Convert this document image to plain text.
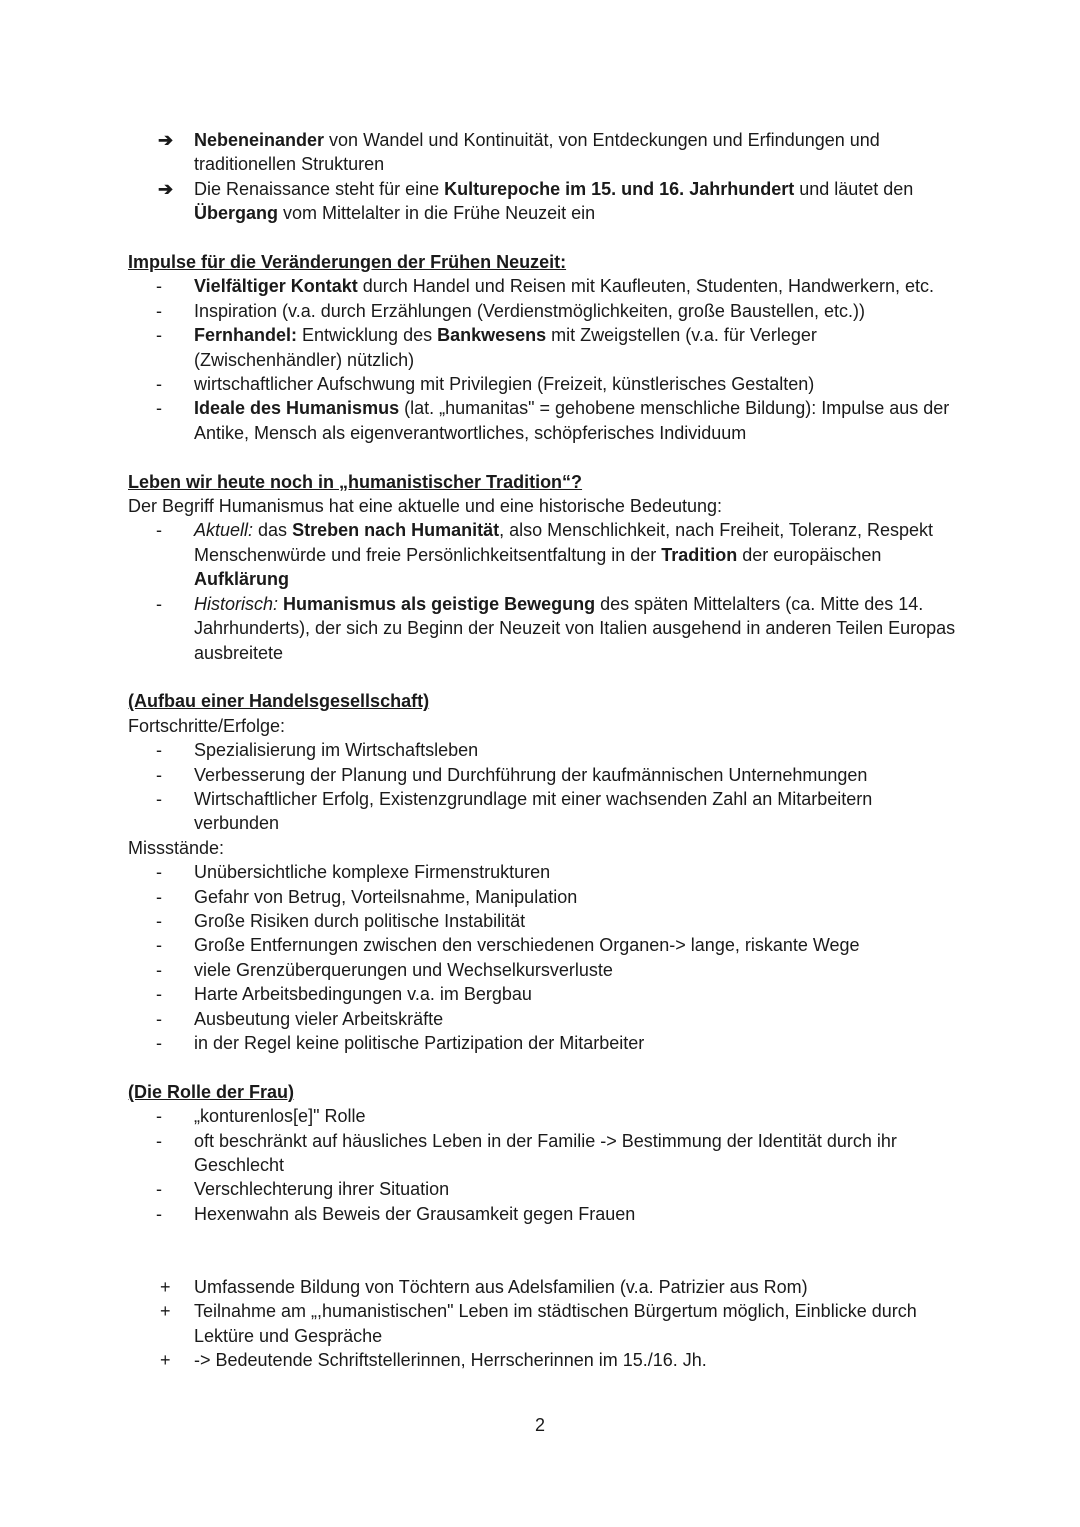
➔	Nebeneinander von Wandel und Kontinuität, von Entdeckungen und Erfindungen und traditionellen Strukturen
➔	Die Renaissance steht für eine Kulturepoche im 15. und 16. Jahrhundert und läutet den Übergang vom Mittelalter in die Frühe Neuzeit ein
Impulse für die Veränderungen der Frühen Neuzeit:
-	Vielfältiger Kontakt durch Handel und Reisen mit Kaufleuten, Studenten, Handwerkern, etc.
-	Inspiration (v.a. durch Erzählungen (Verdienstmöglichkeiten, große Baustellen, etc.))
-	Fernhandel: Entwicklung des Bankwesens mit Zweigstellen (v.a. für Verleger (Zwischenhändler) nützlich)
-	wirtschaftlicher Aufschwung mit Privilegien (Freizeit, künstlerisches Gestalten)
-	Ideale des Humanismus (lat. „humanitas" = gehobene menschliche Bildung): Impulse aus der Antike, Mensch als eigenverantwortliches, schöpferisches Individuum
Leben wir heute noch in „humanistischer Tradition“?
Der Begriff Humanismus hat eine aktuelle und eine historische Bedeutung:
-	Aktuell: das Streben nach Humanität, also Menschlichkeit, nach Freiheit, Toleranz, Respekt Menschenwürde und freie Persönlichkeitsentfaltung in der Tradition der europäischen Aufklärung
-	Historisch: Humanismus als geistige Bewegung des späten Mittelalters (ca. Mitte des 14. Jahrhunderts), der sich zu Beginn der Neuzeit von Italien ausgehend in anderen Teilen Europas ausbreitete
(Aufbau einer Handelsgesellschaft)
Fortschritte/Erfolge:
-	Spezialisierung im Wirtschaftsleben
-	Verbesserung der Planung und Durchführung der kaufmännischen Unternehmungen
-	Wirtschaftlicher Erfolg, Existenzgrundlage mit einer wachsenden Zahl an Mitarbeitern verbunden
Missstände:
-	Unübersichtliche komplexe Firmenstrukturen
-	Gefahr von Betrug, Vorteilsnahme, Manipulation
-	Große Risiken durch politische Instabilität
-	Große Entfernungen zwischen den verschiedenen Organen-> lange, riskante Wege
-	viele Grenzüberquerungen und Wechselkursverluste
-	Harte Arbeitsbedingungen v.a. im Bergbau
-	Ausbeutung vieler Arbeitskräfte
-	in der Regel keine politische Partizipation der Mitarbeiter
(Die Rolle der Frau)
-	„konturenlos[e]" Rolle
-	oft beschränkt auf häusliches Leben in der Familie -> Bestimmung der Identität durch ihr Geschlecht
-	Verschlechterung ihrer Situation
-	Hexenwahn als Beweis der Grausamkeit gegen Frauen
+	Umfassende Bildung von Töchtern aus Adelsfamilien (v.a. Patrizier aus Rom)
+	Teilnahme am „,humanistischen" Leben im städtischen Bürgertum möglich, Einblicke durch Lektüre und Gespräche
+	-> Bedeutende Schriftstellerinnen, Herrscherinnen im 15./16. Jh.
2
